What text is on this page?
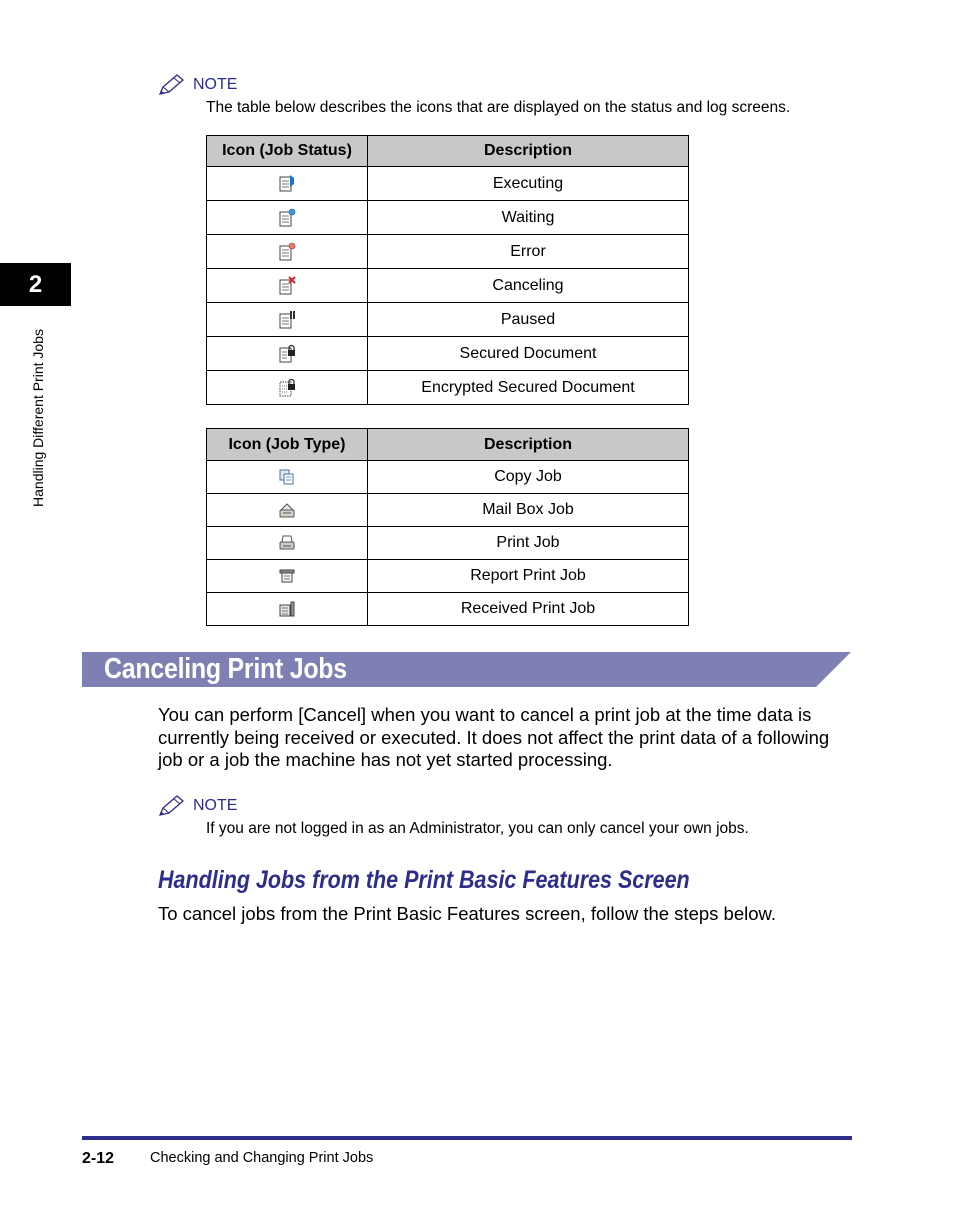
2
Handling Different Print Jobs
NOTE
The table below describes the icons that are displayed on the status and log screens.
Icon (Job Status)	Description

	Executing

	Waiting

	Error

	Canceling

	Paused

	Secured Document

	Encrypted Secured Document
Icon (Job Type)	Description

	Copy Job

	Mail Box Job

	Print Job

	Report Print Job

	Received Print Job
Canceling Print Jobs
You can perform [Cancel] when you want to cancel a print job at the time data is
currently being received or executed. It does not affect the print data of a following
job or a job the machine has not yet started processing.
NOTE
If you are not logged in as an Administrator, you can only cancel your own jobs.
Handling Jobs from the Print Basic Features Screen
To cancel jobs from the Print Basic Features screen, follow the steps below.
2-12 Checking and Changing Print Jobs
